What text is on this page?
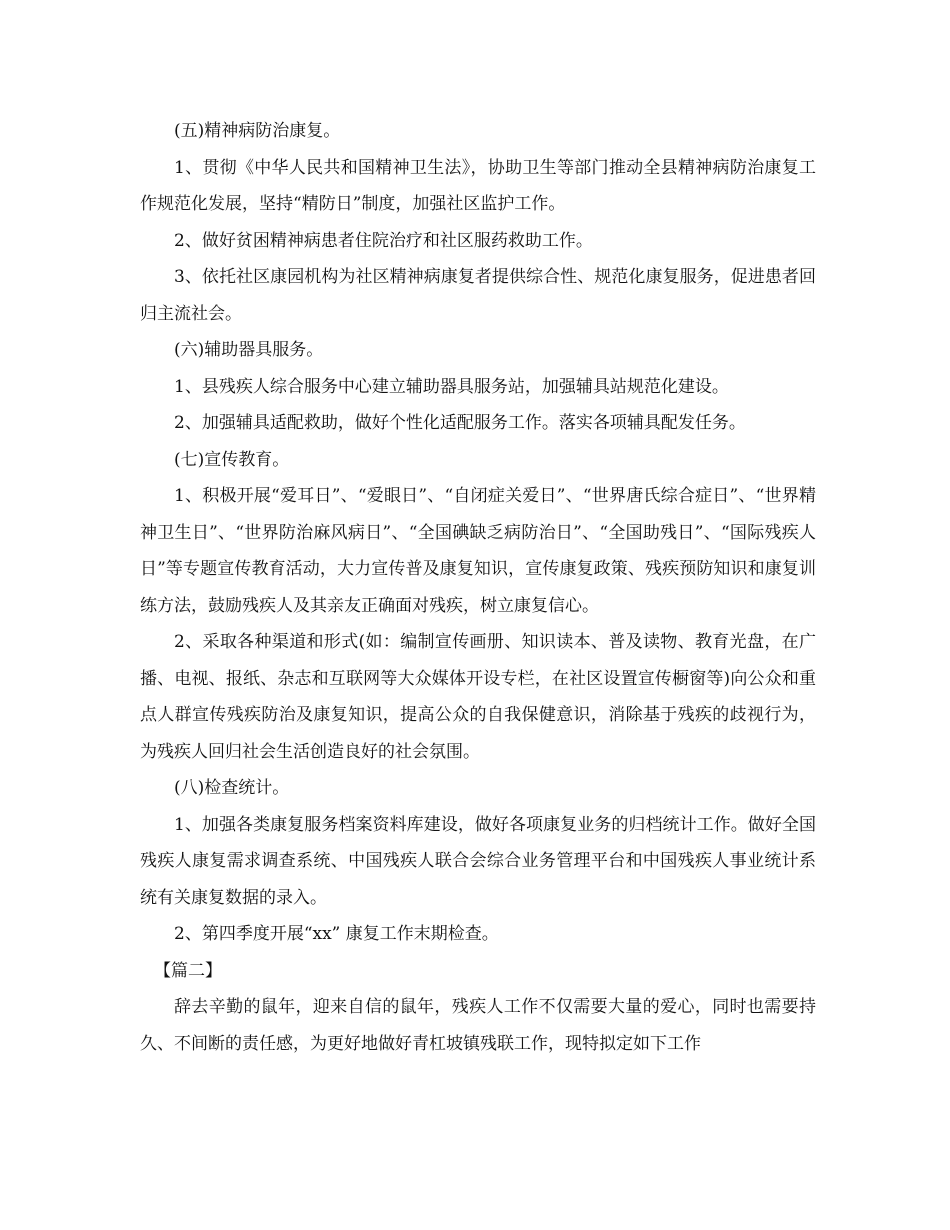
(五)精神病防治康复。

1、贯彻《中华人民共和国精神卫生法》，协助卫生等部门推动全县精神病防治康复工作规范化发展，坚持“精防日”制度，加强社区监护工作。

2、做好贫困精神病患者住院治疗和社区服药救助工作。

3、依托社区康园机构为社区精神病康复者提供综合性、规范化康复服务，促进患者回归主流社会。

(六)辅助器具服务。

1、县残疾人综合服务中心建立辅助器具服务站，加强辅具站规范化建设。

2、加强辅具适配救助，做好个性化适配服务工作。落实各项辅具配发任务。

(七)宣传教育。

1、积极开展“爱耳日”、“爱眼日”、“自闭症关爱日”、“世界唐氏综合症日”、“世界精神卫生日”、“世界防治麻风病日”、“全国碘缺乏病防治日”、“全国助残日”、“国际残疾人日”等专题宣传教育活动，大力宣传普及康复知识，宣传康复政策、残疾预防知识和康复训练方法，鼓励残疾人及其亲友正确面对残疾，树立康复信心。

2、采取各种渠道和形式(如：编制宣传画册、知识读本、普及读物、教育光盘，在广播、电视、报纸、杂志和互联网等大众媒体开设专栏，在社区设置宣传橱窗等)向公众和重点人群宣传残疾防治及康复知识，提高公众的自我保健意识，消除基于残疾的歧视行为，为残疾人回归社会生活创造良好的社会氛围。

(八)检查统计。

1、加强各类康复服务档案资料库建设，做好各项康复业务的归档统计工作。做好全国残疾人康复需求调查系统、中国残疾人联合会综合业务管理平台和中国残疾人事业统计系统有关康复数据的录入。

2、第四季度开展“xx” 康复工作末期检查。

【篇二】

辞去辛勤的鼠年，迎来自信的鼠年，残疾人工作不仅需要大量的爱心，同时也需要持久、不间断的责任感，为更好地做好青杠坡镇残联工作，现特拟定如下工作
